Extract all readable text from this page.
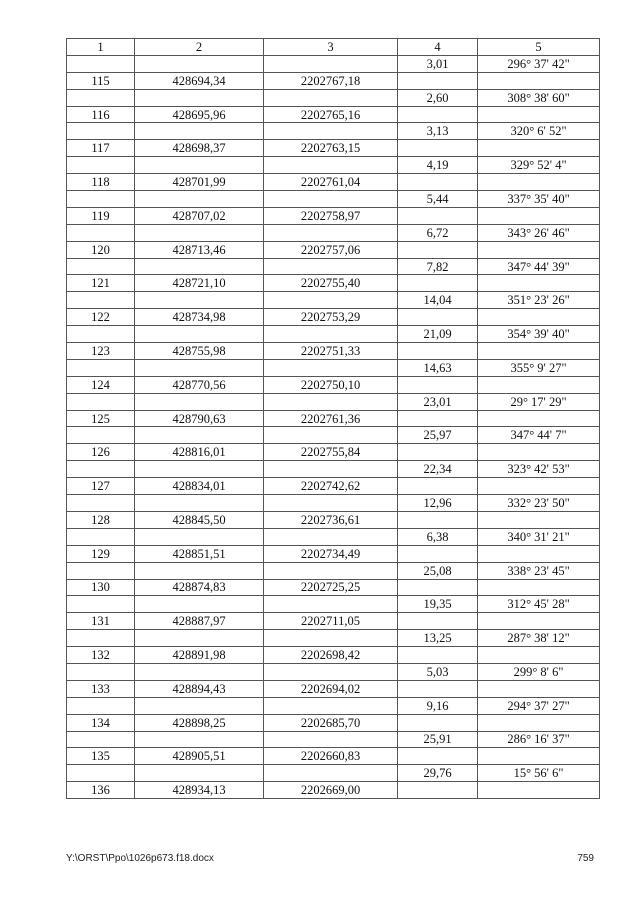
1	2	3	4	5
			3,01	296° 37' 42"
115	428694,34	2202767,18		
			2,60	308° 38' 60"
116	428695,96	2202765,16		
			3,13	320° 6' 52"
117	428698,37	2202763,15		
			4,19	329° 52' 4"
118	428701,99	2202761,04		
			5,44	337° 35' 40"
119	428707,02	2202758,97		
			6,72	343° 26' 46"
120	428713,46	2202757,06		
			7,82	347° 44' 39"
121	428721,10	2202755,40		
			14,04	351° 23' 26"
122	428734,98	2202753,29		
			21,09	354° 39' 40"
123	428755,98	2202751,33		
			14,63	355° 9' 27"
124	428770,56	2202750,10		
			23,01	29° 17' 29"
125	428790,63	2202761,36		
			25,97	347° 44' 7"
126	428816,01	2202755,84		
			22,34	323° 42' 53"
127	428834,01	2202742,62		
			12,96	332° 23' 50"
128	428845,50	2202736,61		
			6,38	340° 31' 21"
129	428851,51	2202734,49		
			25,08	338° 23' 45"
130	428874,83	2202725,25		
			19,35	312° 45' 28"
131	428887,97	2202711,05		
			13,25	287° 38' 12"
132	428891,98	2202698,42		
			5,03	299° 8' 6"
133	428894,43	2202694,02		
			9,16	294° 37' 27"
134	428898,25	2202685,70		
			25,91	286° 16' 37"
135	428905,51	2202660,83		
			29,76	15° 56' 6"
136	428934,13	2202669,00		
Y:\ORST\Ppo\1026p673.f18.docx	759
